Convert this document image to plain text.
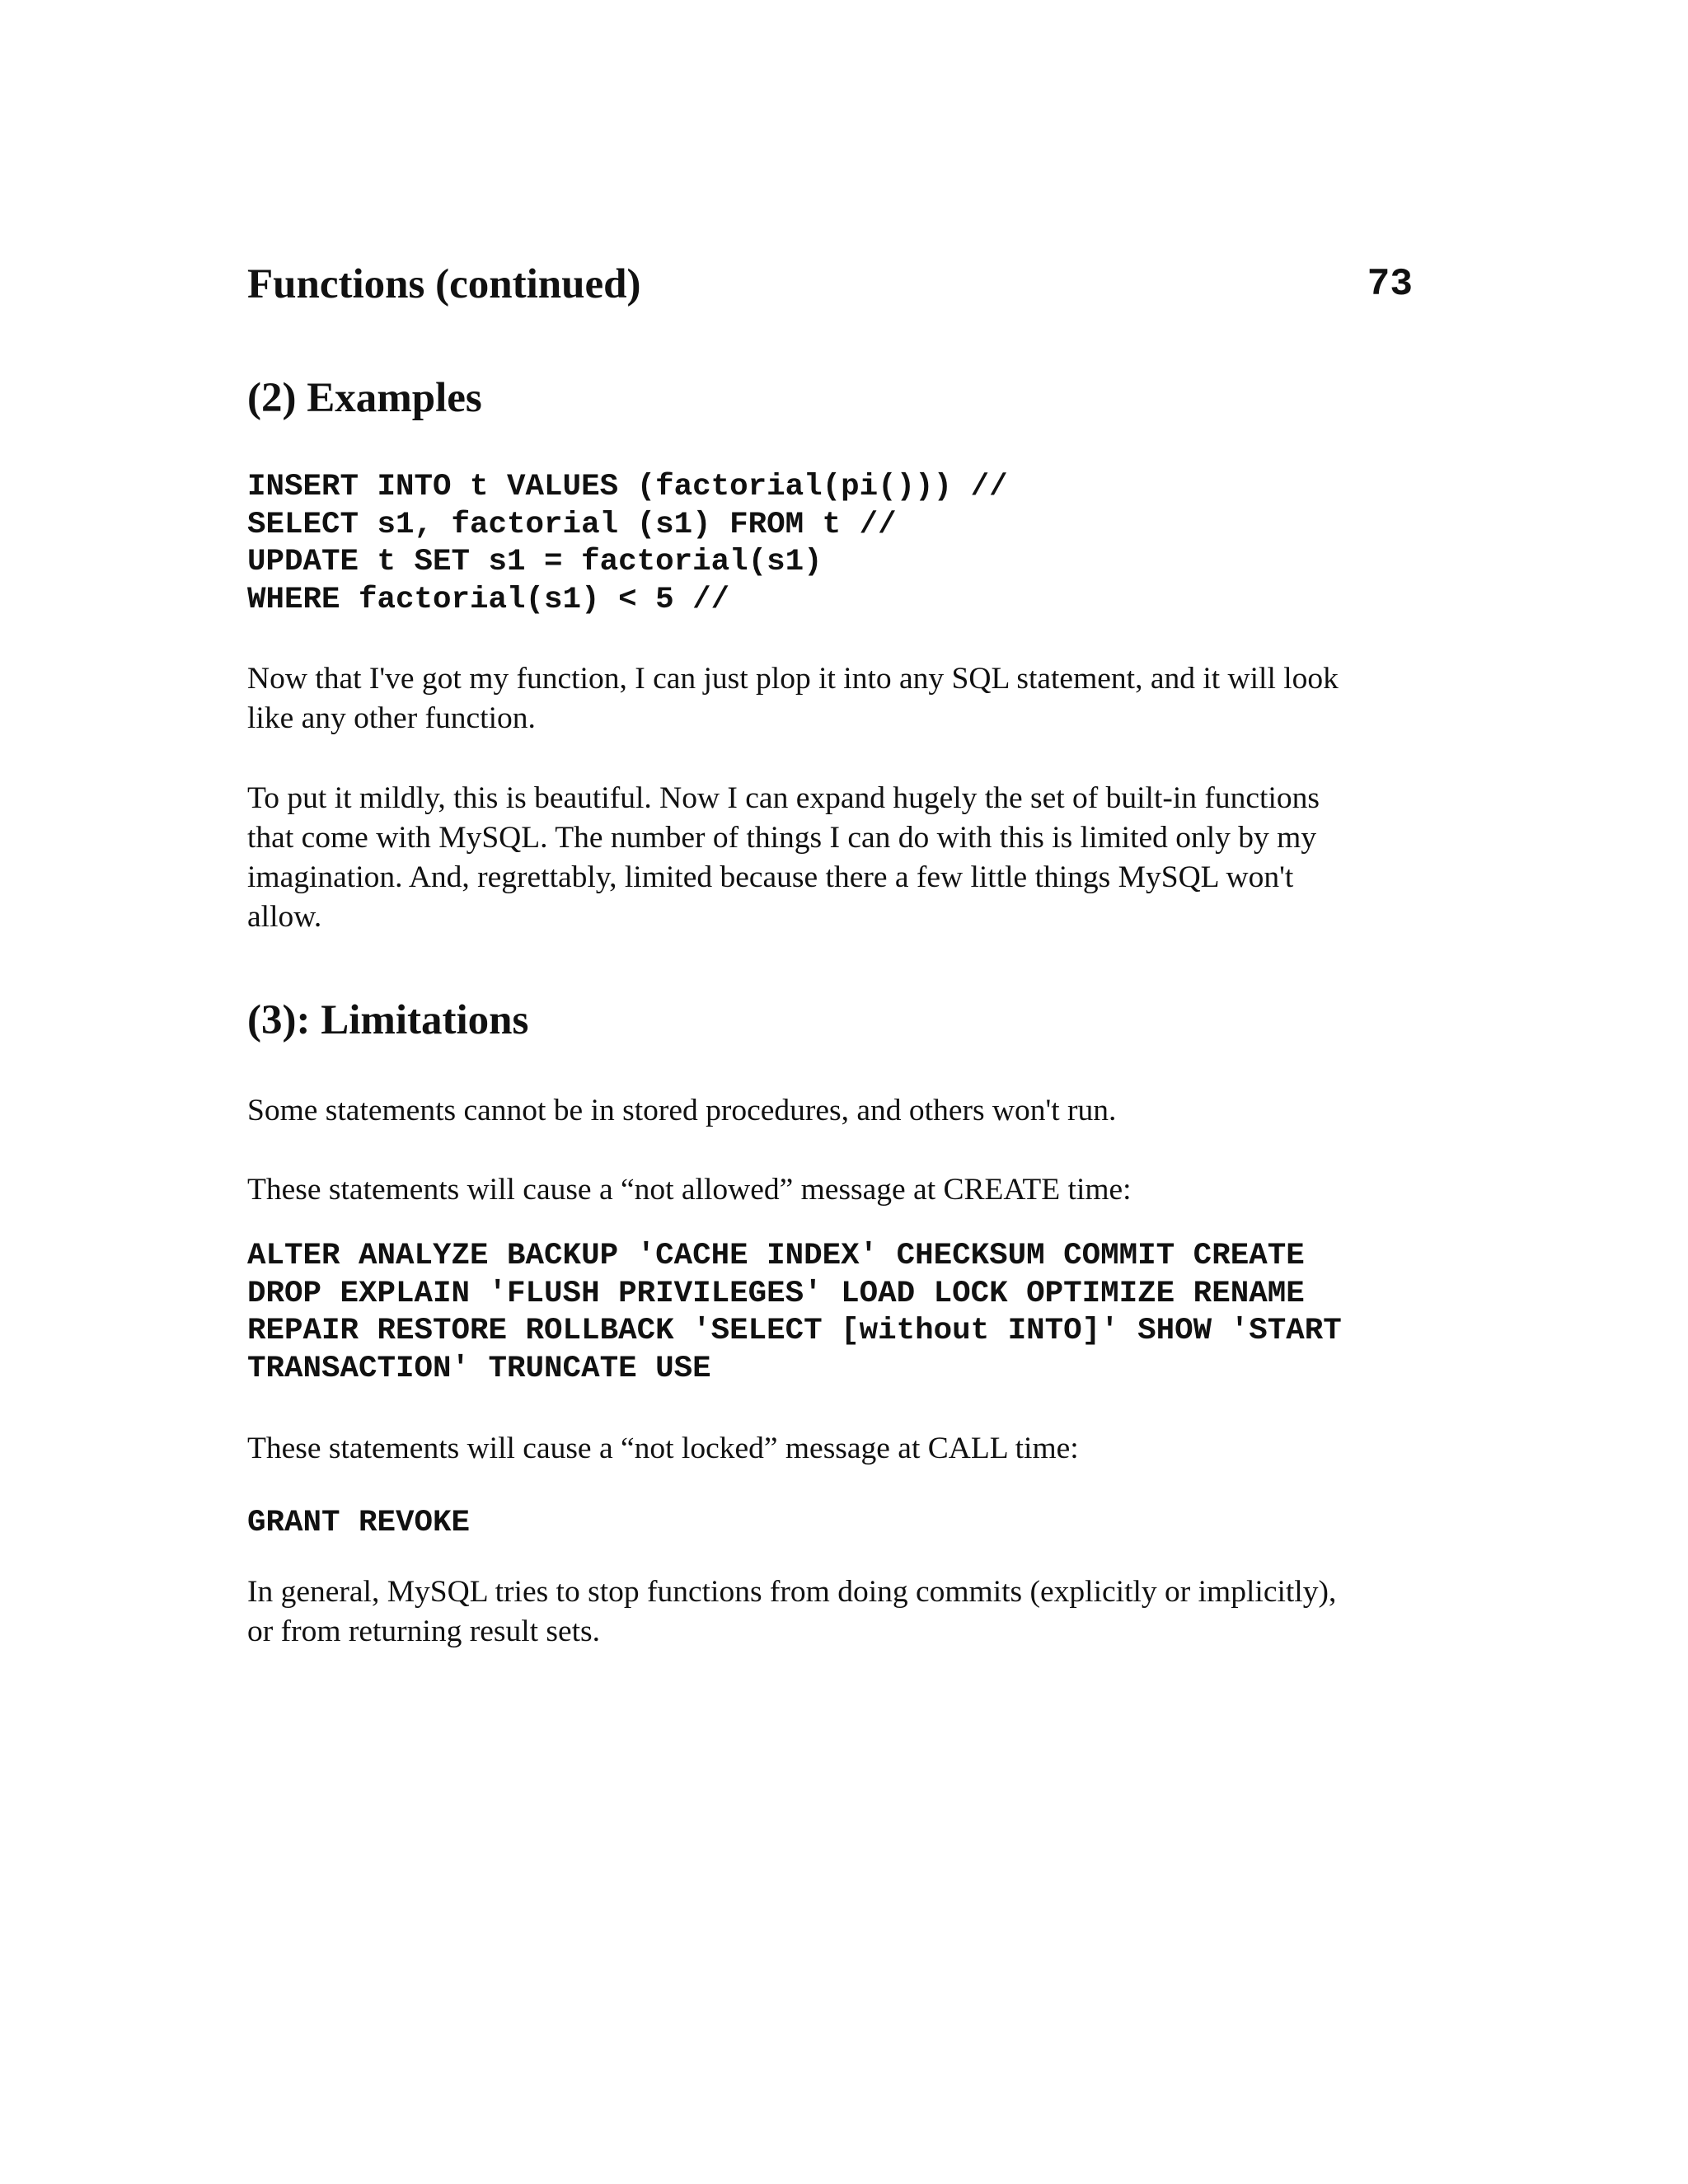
Functions (continued)	73
(2) Examples
INSERT INTO t VALUES (factorial(pi())) //
SELECT s1, factorial (s1) FROM t //
UPDATE t SET s1 = factorial(s1)
WHERE factorial(s1) < 5 //
Now that I've got my function, I can just plop it into any SQL statement, and it will look
like any other function.
To put it mildly, this is beautiful. Now I can expand hugely the set of built-in functions
that come with MySQL. The number of things I can do with this is limited only by my
imagination. And, regrettably, limited because there a few little things MySQL won't
allow.
(3): Limitations
Some statements cannot be in stored procedures, and others won't run.
These statements will cause a “not allowed” message at CREATE time:
ALTER ANALYZE BACKUP 'CACHE INDEX' CHECKSUM COMMIT CREATE
DROP EXPLAIN 'FLUSH PRIVILEGES' LOAD LOCK OPTIMIZE RENAME
REPAIR RESTORE ROLLBACK 'SELECT [without INTO]' SHOW 'START
TRANSACTION' TRUNCATE USE
These statements will cause a “not locked” message at CALL time:
GRANT REVOKE
In general, MySQL tries to stop functions from doing commits (explicitly or implicitly),
or from returning result sets.
